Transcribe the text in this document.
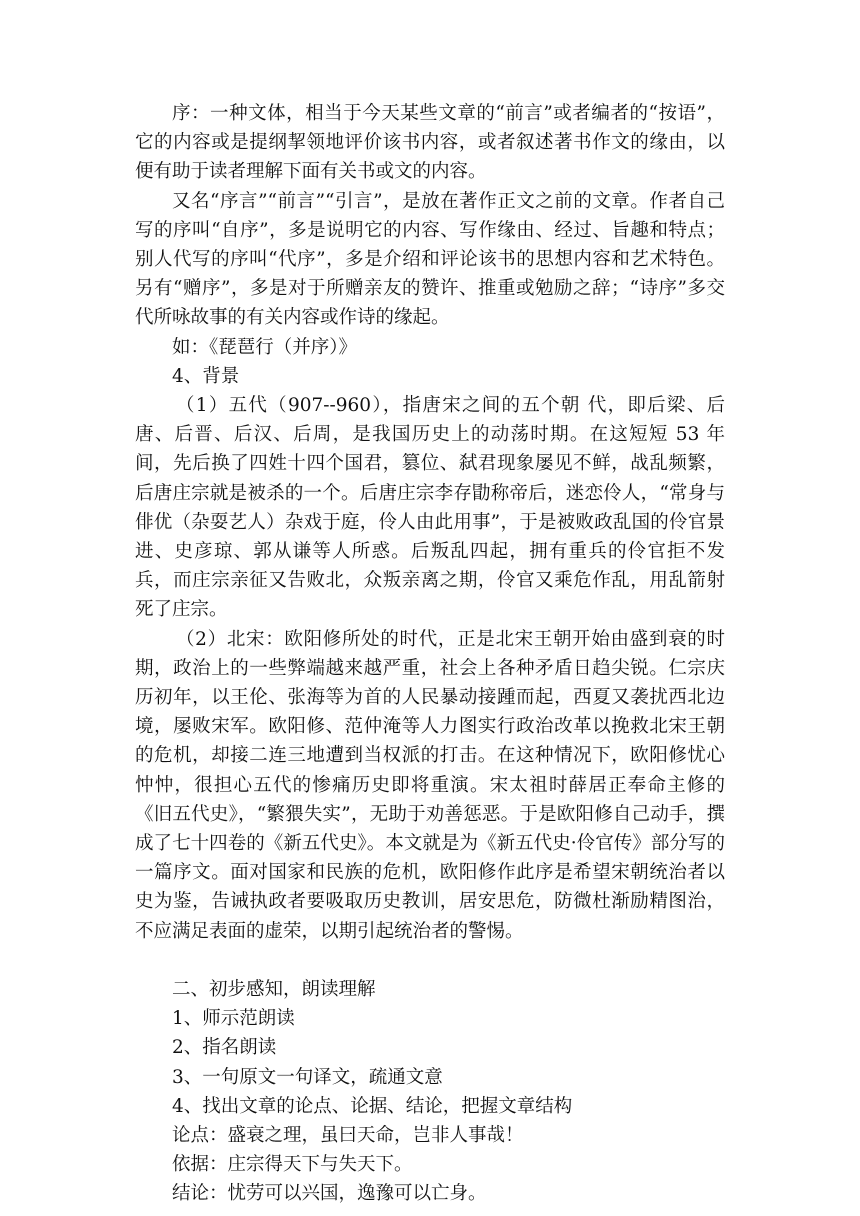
序：一种文体，相当于今天某些文章的“前言”或者编者的“按语”，它的内容或是提纲挈领地评价该书内容，或者叙述著书作文的缘由，以便有助于读者理解下面有关书或文的内容。

又名“序言”“前言”“引言”，是放在著作正文之前的文章。作者自己写的序叫“自序”，多是说明它的内容、写作缘由、经过、旨趣和特点；别人代写的序叫“代序”，多是介绍和评论该书的思想内容和艺术特色。另有“赠序”，多是对于所赠亲友的赞许、推重或勉励之辞；“诗序”多交代所咏故事的有关内容或作诗的缘起。

如：《琵琶行（并序）》

4、背景

（1）五代（907--960），指唐宋之间的五个朝 代，即后梁、后唐、后晋、后汉、后周，是我国历史上的动荡时期。在这短短 53 年间，先后换了四姓十四个国君，篡位、弑君现象屡见不鲜，战乱频繁，后唐庄宗就是被杀的一个。后唐庄宗李存勖称帝后，迷恋伶人，“常身与俳优（杂耍艺人）杂戏于庭，伶人由此用事”，于是被败政乱国的伶官景进、史彦琼、郭从谦等人所惑。后叛乱四起，拥有重兵的伶官拒不发兵，而庄宗亲征又告败北，众叛亲离之期，伶官又乘危作乱，用乱箭射死了庄宗。

（2）北宋：欧阳修所处的时代，正是北宋王朝开始由盛到衰的时期，政治上的一些弊端越来越严重，社会上各种矛盾日趋尖锐。仁宗庆历初年，以王伦、张海等为首的人民暴动接踵而起，西夏又袭扰西北边境，屡败宋军。欧阳修、范仲淹等人力图实行政治改革以挽救北宋王朝的危机，却接二连三地遭到当权派的打击。在这种情况下，欧阳修忧心忡忡，很担心五代的惨痛历史即将重演。宋太祖时薛居正奉命主修的《旧五代史》，“繁猥失实”，无助于劝善惩恶。于是欧阳修自己动手，撰成了七十四卷的《新五代史》。本文就是为《新五代史·伶官传》部分写的一篇序文。面对国家和民族的危机，欧阳修作此序是希望宋朝统治者以史为鉴，告诫执政者要吸取历史教训，居安思危，防微杜渐励精图治，不应满足表面的虚荣，以期引起统治者的警惕。

二、初步感知，朗读理解

1、师示范朗读

2、指名朗读

3、一句原文一句译文，疏通文意

4、找出文章的论点、论据、结论，把握文章结构

论点：盛衰之理，虽曰天命，岂非人事哉！

依据：庄宗得天下与失天下。

结论：忧劳可以兴国，逸豫可以亡身。
